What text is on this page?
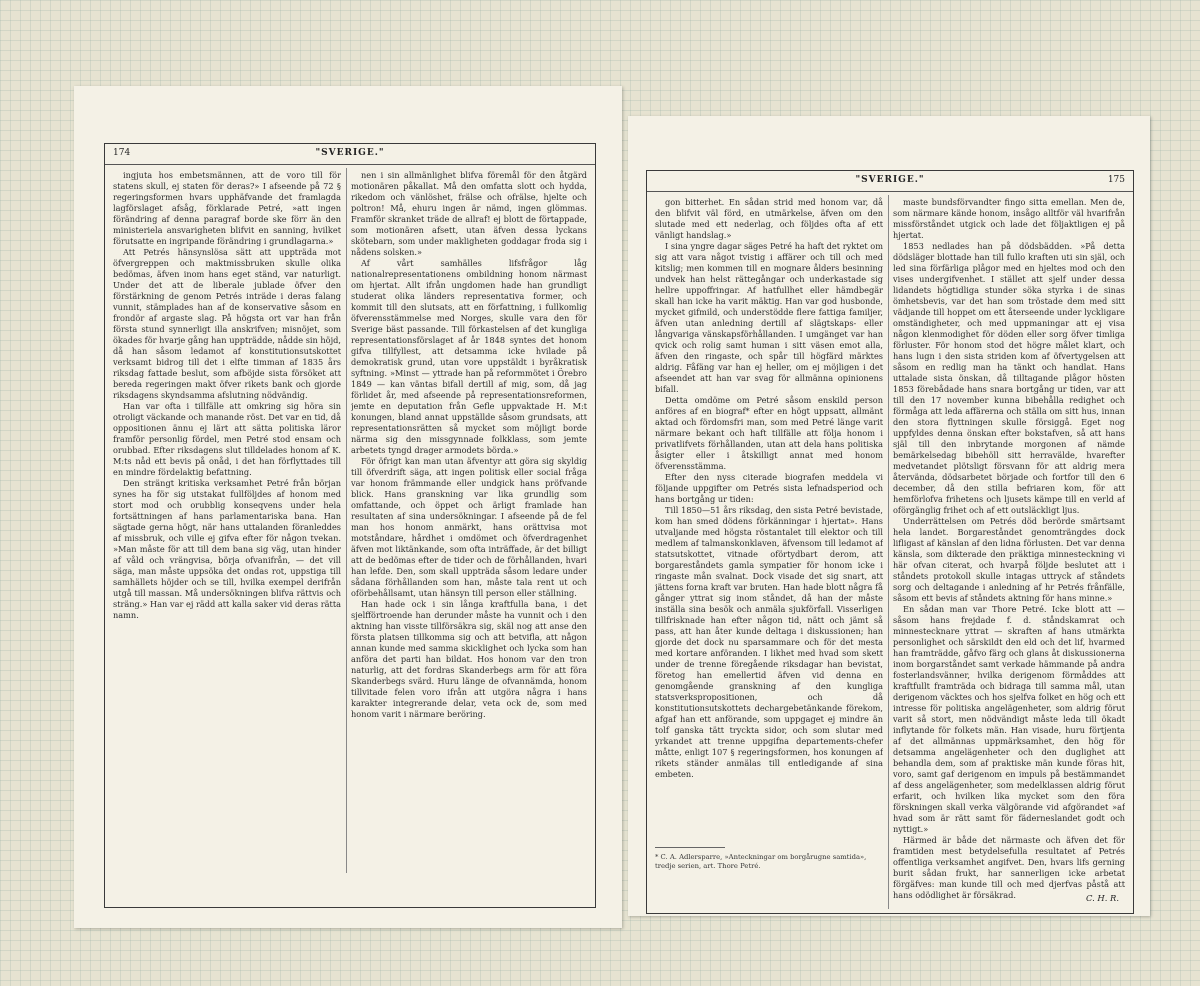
174	"SVERIGE."

ingjuta hos embetsmännen, att de voro till för statens skull, ej staten för deras?» I afseende på 72 § regeringsformen hvars upphäfvande det framlagda lagförslaget afsåg, förklarade Petré, »att ingen förändring af denna paragraf borde ske förr än den ministeriela ansvarigheten blifvit en sanning, hvilket förutsatte en ingripande förändring i grundlagarna.»

Att Petrés hänsynslösa sätt att uppträda mot öfvergreppen och maktmissbruken skulle olika bedömas, äfven inom hans eget ständ, var naturligt. Under det att de liberale jublade öfver den förstärkning de genom Petrés inträde i deras falang vunnit, stämplades han af de konservative såsom en frondör af argaste slag. På högsta ort var han från första stund synnerligt illa anskrifven; misnöjet, som ökades för hvarje gång han uppträdde, nådde sin höjd, då han såsom ledamot af konstitutionsutskottet verksamt bidrog till det i elfte timman af 1835 års riksdag fattade beslut, som afböjde sista försöket att bereda regeringen makt öfver rikets bank och gjorde riksdagens skyndsamma afslutning nödvändig.

Han var ofta i tillfälle att omkring sig höra sin otroligt väckande och manande röst. Det var en tid, då oppositionen ännu ej lärt att sätta politiska läror framför personlig fördel, men Petré stod ensam och orubbad. Efter riksdagens slut tilldelades honom af K. M:ts nåd ett bevis på onåd, i det han förflyttades till en mindre fördelaktig befattning.

Den strängt kritiska verksamhet Petré från början synes ha för sig utstakat fullföljdes af honom med stort mod och orubblig konseqvens under hela fortsättningen af hans parlamentariska bana. Han sägtade gerna högt, när hans uttalanden föranleddes af missbruk, och ville ej gifva efter för någon tvekan. »Man måste för att till dem bana sig väg, utan hinder af våld och vrängvisa, börja ofvanifrån, — det vill säga, man måste uppsöka det ondas rot, uppstiga till samhällets höjder och se till, hvilka exempel derifrån utgå till massan. Må undersökningen blifva rättvis och sträng.» Han var ej rädd att kalla saker vid deras rätta namn.

nen i sin allmänlighet blifva föremål för den åtgärd motionären påkallat. Må den omfatta slott och hydda, rikedom och vänlöshet, frälse och ofrälse, hjelte och poltron! Må, ehuru ingen är nämd, ingen glömmas. Framför skranket träde de allraf! ej blott de förtappade, som motionären afsett, utan äfven dessa lyckans skötebarn, som under makligheten goddagar froda sig i nådens solsken.»

Af vårt samhälles lifsfrågor låg nationalrepresentationens ombildning honom närmast om hjertat. Allt ifrån ungdomen hade han grundligt studerat olika länders representativa former, och kommit till den slutsats, att en författning, i fullkomlig öfverensstämmelse med Norges, skulle vara den för Sverige bäst passande. Till förkastelsen af det kungliga representationsförslaget af år 1848 syntes det honom gifva tillfyllest, att detsamma icke hvilade på demokratisk grund, utan vore uppstäldt i byråkratisk syftning. »Minst — yttrade han på reformmötet i Örebro 1849 — kan väntas bifall dertill af mig, som, då jag förlidet år, med afseende på representationsreformen, jemte en deputation från Gefle uppvaktade H. M:t konungen, bland annat uppställde såsom grundsats, att representationsrätten så mycket som möjligt borde närma sig den missgynnade folkklass, som jemte arbetets tyngd drager armodets börda.»

För öfrigt kan man utan äfventyr att göra sig skyldig till öfverdrift säga, att ingen politisk eller social fråga var honom främmande eller undgick hans pröfvande blick. Hans granskning var lika grundlig som omfattande, och öppet och ärligt framlade han resultaten af sina undersökningar. I afseende på de fel man hos honom anmärkt, hans orättvisa mot motståndare, hårdhet i omdömet och öfverdragenhet äfven mot liktänkande, som ofta inträffade, är det billigt att de bedömas efter de tider och de förhållanden, hvari han lefde. Den, som skall uppträda såsom ledare under sådana förhållanden som han, måste tala rent ut och oförbehållsamt, utan hänsyn till person eller ställning.

Han hade ock i sin långa kraftfulla bana, i det sjelfförtroende han derunder måste ha vunnit och i den aktning han visste tillförsäkra sig, skäl nog att anse den första platsen tillkomma sig och att betvifla, att någon annan kunde med samma skicklighet och lycka som han anföra det parti han bildat. Hos honom var den tron naturlig, att det fordras Skanderbegs arm för att föra Skanderbegs svärd. Huru länge de ofvannämda, honom tillvitade felen voro ifrån att utgöra några i hans karakter integrerande delar, veta ock de, som med honom varit i närmare beröring.

"SVERIGE."	175

gon bitterhet. En sådan strid med honom var, då den blifvit väl förd, en utmärkelse, äfven om den slutade med ett nederlag, och följdes ofta af ett vänligt handslag.»

I sina yngre dagar säges Petré ha haft det ryktet om sig att vara något tvistig i affärer och till och med kitslig; men kommen till en mognare ålders besinning undvek han helst rättegångar och underkastade sig hellre uppoffringar. Af hatfullhet eller hämdbegär skall han icke ha varit mäktig. Han var god husbonde, mycket gifmild, och understödde flere fattiga familjer, äfven utan anledning dertill af slägtskaps- eller långvariga vänskapsförhållanden. I umgänget var han qvick och rolig samt human i sitt väsen emot alla, äfven den ringaste, och spår till högfärd märktes aldrig. Fåfäng var han ej heller, om ej möjligen i det afseendet att han var svag för allmänna opinionens bifall.

Detta omdöme om Petré såsom enskild person anföres af en biograf* efter en högt uppsatt, allmänt aktad och fördomsfri man, som med Petré länge varit närmare bekant och haft tillfälle att följa honom i privatlifvets förhållanden, utan att dela hans politiska åsigter eller i åtskilligt annat med honom öfverensstämma.

Efter den nyss citerade biografen meddela vi följande uppgifter om Petrés sista lefnadsperiod och hans bortgång ur tiden:

Till 1850—51 års riksdag, den sista Petré bevistade, kom han smed dödens förkänningar i hjertat». Hans utvaljande med högsta röstantalet till elektor och till medlem af talmanskonklaven, äfvensom till ledamot af statsutskottet, vitnade oförtydbart derom, att borgareståndets gamla sympatier för honom icke i ringaste mån svalnat. Dock visade det sig snart, att jättens forna kraft var bruten. Han hade blott några få gånger yttrat sig inom ståndet, då han der måste inställa sina besök och anmäla sjukförfall. Visserligen tillfrisknade han efter någon tid, nätt och jämt så pass, att han åter kunde deltaga i diskussionen; han gjorde det dock nu sparsammare och för det mesta med kortare anföranden. I likhet med hvad som skett under de trenne föregående riksdagar han bevistat, företog han emellertid äfven vid denna en genomgående granskning af den kungliga statsverkspropositionen, och då konstitutionsutskottets dechargebetänkande förekom, afgaf han ett anförande, som uppgaget ej mindre än tolf ganska tätt tryckta sidor, och som slutar med yrkandet att trenne uppgifna departements-chefer måtte, enligt 107 § regeringsformen, hos konungen af rikets ständer anmälas till entledigande af sina embeten.

* C. A. Adlersparre, »Anteckningar om borgårugne samtida», tredje serien, art. Thore Petré.

maste bundsförvandter fingo sitta emellan. Men de, som närmare kände honom, insågo alltför väl hvarifrån missförståndet utgick och lade det följaktligen ej på hjertat.

1853 nedlades han på dödsbädden. »På detta dödsläger blottade han till fullo kraften uti sin själ, och led sina förfärliga plågor med en hjeltes mod och den vises undergifvenhet. I stället att sjelf under dessa lidandets högtidliga stunder söka styrka i de sinas ömhetsbevis, var det han som tröstade dem med sitt vädjande till hoppet om ett återseende under lyckligare omständigheter, och med uppmaningar att ej visa någon klenmodighet för döden eller sorg öfver timliga förluster. För honom stod det högre målet klart, och hans lugn i den sista striden kom af öfvertygelsen att såsom en redlig man ha tänkt och handlat. Hans uttalade sista önskan, då tilltagande plågor hösten 1853 förebådade hans snara bortgång ur tiden, var att till den 17 november kunna bibehålla redighet och förmåga att leda affärerna och ställa om sitt hus, innan den stora flyttningen skulle försiggå. Eget nog uppfyldes denna önskan efter bokstafven, så att hans själ till den inbrytande morgonen af nämde bemärkelsedag bibehöll sitt herravälde, hvarefter medvetandet plötsligt försvann för att aldrig mera återvända, dödsarbetet började och fortfor till den 6 december, då den stilla befriaren kom, för att hemförlofva frihetens och ljusets kämpe till en verld af oförgänglig frihet och af ett outsläckligt ljus.

Underrättelsen om Petrés död berörde smärtsamt hela landet. Borgareståndet genomträngdes dock lifligast af känslan af den lidna förlusten. Det var denna känsla, som dikterade den präktiga minnesteckning vi här ofvan citerat, och hvarpå följde beslutet att i ståndets protokoll skulle intagas uttryck af ståndets sorg och deltagande i anledning af hr Petrés frånfälle, såsom ett bevis af ståndets aktning för hans minne.»

En sådan man var Thore Petré. Icke blott att — såsom hans frejdade f. d. ståndskamrat och minnestecknare yttrat — skraften af hans utmärkta personlighet och särskildt den eld och det lif, hvarmed han framträdde, gåfvo färg och glans åt diskussionerna inom borgarståndet samt verkade hämmande på andra fosterlandsvänner, hvilka derigenom förmåddes att kraftfullt framträda och bidraga till samma mål, utan derigenom väcktes och hos sjelfva folket en hög och ett intresse för politiska angelägenheter, som aldrig förut varit så stort, men nödvändigt måste leda till ökadt inflytande för folkets män. Han visade, huru förtjenta af det allmännas uppmärksamhet, den hög för detsamma angelägenheter och den duglighet att behandla dem, som af praktiske män kunde föras hit, voro, samt gaf derigenom en impuls på bestämmandet af dess angelägenheter, som medelklassen aldrig förut erfarit, och hvilken lika mycket som den föra förskningen skall verka välgörande vid afgörandet »af hvad som är rätt samt för fäderneslandet godt och nyttigt.»

Härmed är både det närmaste och äfven det för framtiden mest betydelsefulla resultatet af Petrés offentliga verksamhet angifvet. Den, hvars lifs gerning burit sådan frukt, har sannerligen icke arbetat förgäfves: man kunde till och med djerfvas påstå att hans odödlighet är försäkrad.	C. H. R.
